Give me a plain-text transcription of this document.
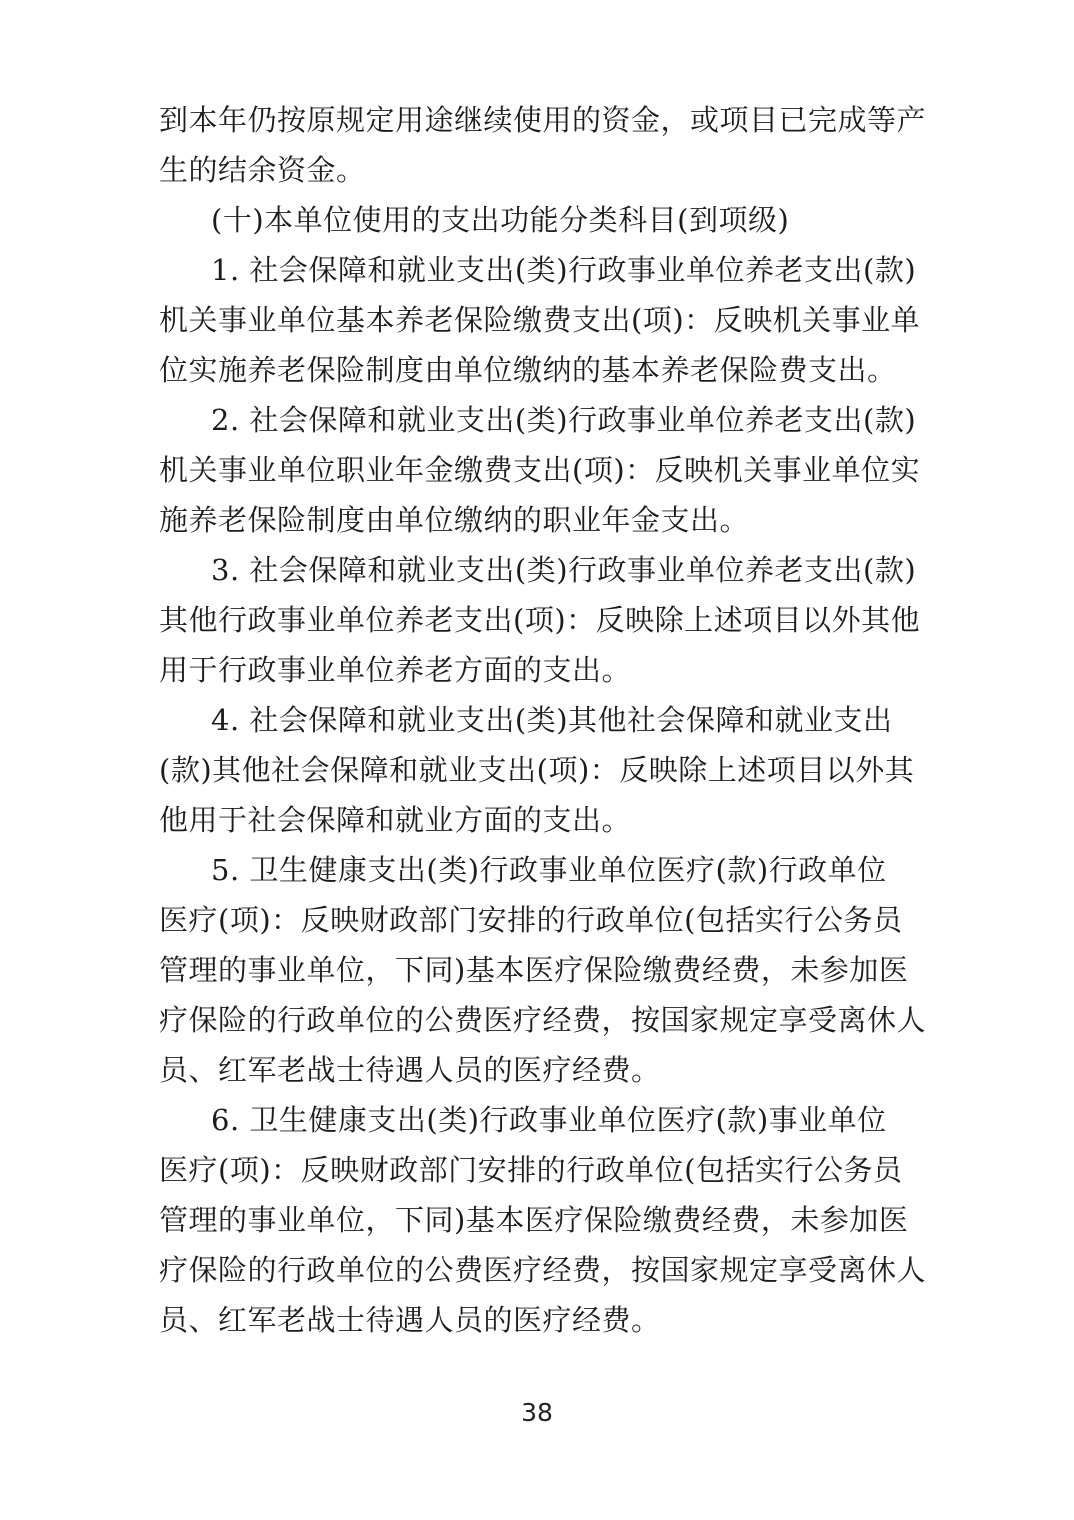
到本年仍按原规定用途继续使用的资金，或项目已完成等产
生的结余资金。
(十)本单位使用的支出功能分类科目(到项级)
1. 社会保障和就业支出(类)行政事业单位养老支出(款)
机关事业单位基本养老保险缴费支出(项)：反映机关事业单
位实施养老保险制度由单位缴纳的基本养老保险费支出。
2. 社会保障和就业支出(类)行政事业单位养老支出(款)
机关事业单位职业年金缴费支出(项)：反映机关事业单位实
施养老保险制度由单位缴纳的职业年金支出。
3. 社会保障和就业支出(类)行政事业单位养老支出(款)
其他行政事业单位养老支出(项)：反映除上述项目以外其他
用于行政事业单位养老方面的支出。
4. 社会保障和就业支出(类)其他社会保障和就业支出
(款)其他社会保障和就业支出(项)：反映除上述项目以外其
他用于社会保障和就业方面的支出。
5. 卫生健康支出(类)行政事业单位医疗(款)行政单位
医疗(项)：反映财政部门安排的行政单位(包括实行公务员
管理的事业单位，下同)基本医疗保险缴费经费，未参加医
疗保险的行政单位的公费医疗经费，按国家规定享受离休人
员、红军老战士待遇人员的医疗经费。
6. 卫生健康支出(类)行政事业单位医疗(款)事业单位
医疗(项)：反映财政部门安排的行政单位(包括实行公务员
管理的事业单位，下同)基本医疗保险缴费经费，未参加医
疗保险的行政单位的公费医疗经费，按国家规定享受离休人
员、红军老战士待遇人员的医疗经费。
38
